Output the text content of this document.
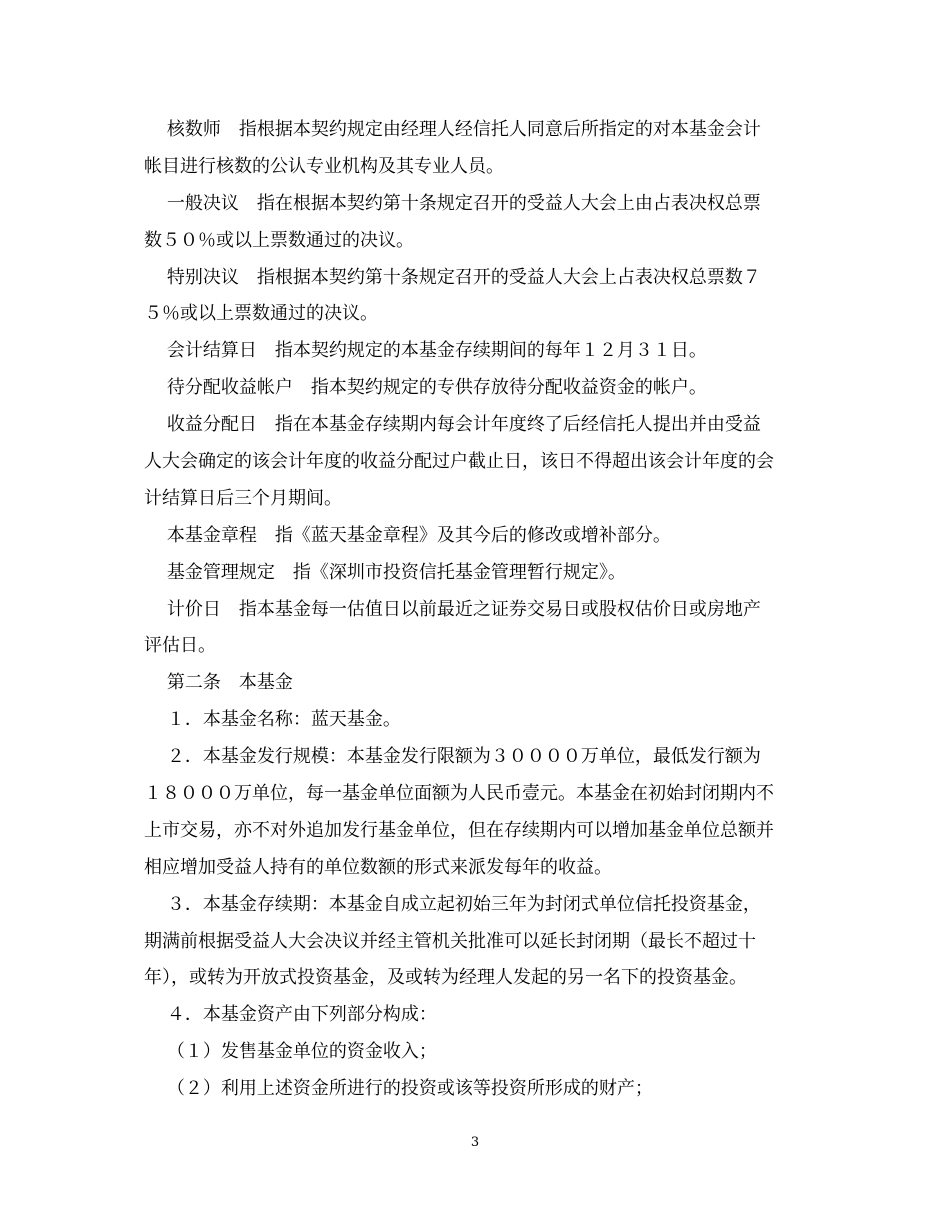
核数师　指根据本契约规定由经理人经信托人同意后所指定的对本基金会计
帐目进行核数的公认专业机构及其专业人员。
一般决议　指在根据本契约第十条规定召开的受益人大会上由占表决权总票
数５０％或以上票数通过的决议。
特别决议　指根据本契约第十条规定召开的受益人大会上占表决权总票数７
５％或以上票数通过的决议。
会计结算日　指本契约规定的本基金存续期间的每年１２月３１日。
待分配收益帐户　指本契约规定的专供存放待分配收益资金的帐户。
收益分配日　指在本基金存续期内每会计年度终了后经信托人提出并由受益
人大会确定的该会计年度的收益分配过户截止日，该日不得超出该会计年度的会
计结算日后三个月期间。
本基金章程　指《蓝天基金章程》及其今后的修改或增补部分。
基金管理规定　指《深圳市投资信托基金管理暂行规定》。
计价日　指本基金每一估值日以前最近之证券交易日或股权估价日或房地产
评估日。
第二条　本基金
１．本基金名称：蓝天基金。
２．本基金发行规模：本基金发行限额为３００００万单位，最低发行额为
１８０００万单位，每一基金单位面额为人民币壹元。本基金在初始封闭期内不
上市交易，亦不对外追加发行基金单位，但在存续期内可以增加基金单位总额并
相应增加受益人持有的单位数额的形式来派发每年的收益。
３．本基金存续期：本基金自成立起初始三年为封闭式单位信托投资基金，
期满前根据受益人大会决议并经主管机关批准可以延长封闭期（最长不超过十
年），或转为开放式投资基金，及或转为经理人发起的另一名下的投资基金。
４．本基金资产由下列部分构成：
（１）发售基金单位的资金收入；
（２）利用上述资金所进行的投资或该等投资所形成的财产；
3
